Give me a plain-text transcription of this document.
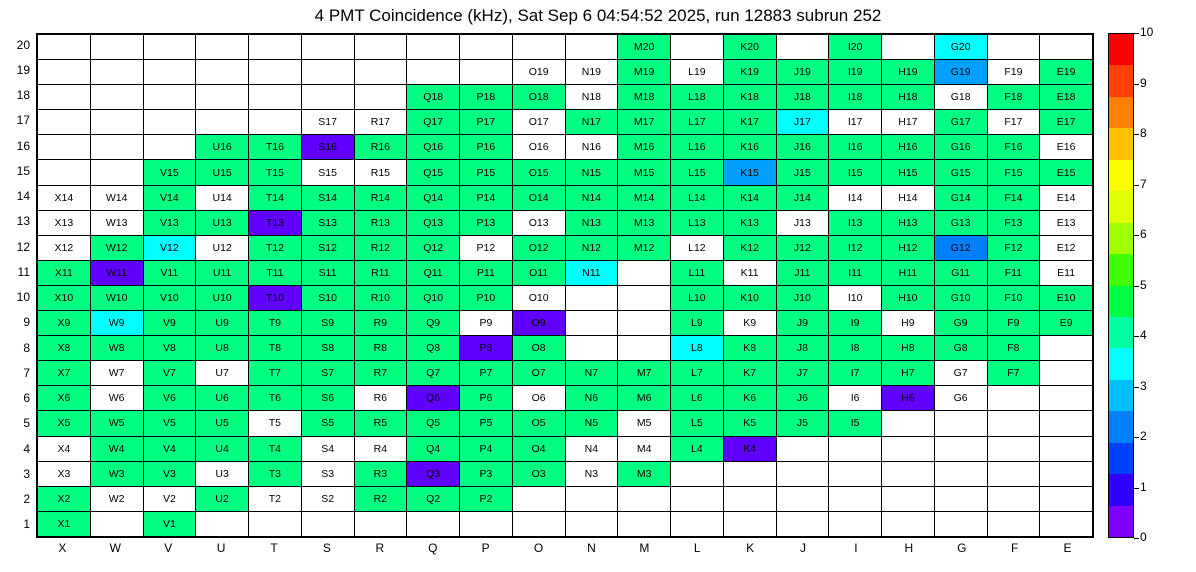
4 PMT Coincidence (kHz), Sat Sep 6 04:54:52 2025, run 12883 subrun 252
											M20		K20		I20		G20		
									O19	N19	M19	L19	K19	J19	I19	H19	G19	F19	E19
							Q18	P18	O18	N18	M18	L18	K18	J18	I18	H18	G18	F18	E18
					S17	R17	Q17	P17	O17	N17	M17	L17	K17	J17	I17	H17	G17	F17	E17
			U16	T16	S16	R16	Q16	P16	O16	N16	M16	L16	K16	J16	I16	H16	G16	F16	E16
		V15	U15	T15	S15	R15	Q15	P15	O15	N15	M15	L15	K15	J15	I15	H15	G15	F15	E15
X14	W14	V14	U14	T14	S14	R14	Q14	P14	O14	N14	M14	L14	K14	J14	I14	H14	G14	F14	E14
X13	W13	V13	U13	T13	S13	R13	Q13	P13	O13	N13	M13	L13	K13	J13	I13	H13	G13	F13	E13
X12	W12	V12	U12	T12	S12	R12	Q12	P12	O12	N12	M12	L12	K12	J12	I12	H12	G12	F12	E12
X11	W11	V11	U11	T11	S11	R11	Q11	P11	O11	N11		L11	K11	J11	I11	H11	G11	F11	E11
X10	W10	V10	U10	T10	S10	R10	Q10	P10	O10			L10	K10	J10	I10	H10	G10	F10	E10
X9	W9	V9	U9	T9	S9	R9	Q9	P9	O9			L9	K9	J9	I9	H9	G9	F9	E9
X8	W8	V8	U8	T8	S8	R8	Q8	P8	O8			L8	K8	J8	I8	H8	G8	F8	
X7	W7	V7	U7	T7	S7	R7	Q7	P7	O7	N7	M7	L7	K7	J7	I7	H7	G7	F7	
X6	W6	V6	U6	T6	S6	R6	Q6	P6	O6	N6	M6	L6	K6	J6	I6	H6	G6		
X5	W5	V5	U5	T5	S5	R5	Q5	P5	O5	N5	M5	L5	K5	J5	I5				
X4	W4	V4	U4	T4	S4	R4	Q4	P4	O4	N4	M4	L4	K4						
X3	W3	V3	U3	T3	S3	R3	Q3	P3	O3	N3	M3								
X2	W2	V2	U2	T2	S2	R2	Q2	P2											
X1		V1																	
20
19
18
17
16
15
14
13
12
11
10
9
8
7
6
5
4
3
2
1
X	W	V	U	T	S	R	Q	P	O	N	M	L	K	J	I	H	G	F	E
0
1
2
3
4
5
6
7
8
9
10
